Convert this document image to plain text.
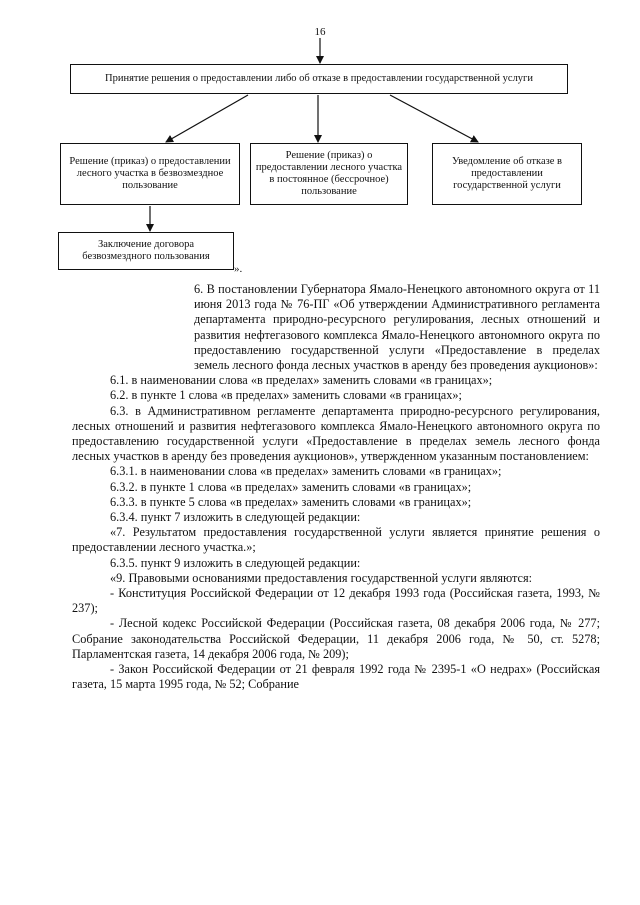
16
Принятие решения о предоставлении либо об отказе в предоставлении государственной услуги
Решение (приказ) о предоставлении лесного участка в безвозмездное пользование
Решение (приказ) о предоставлении лесного участка в постоянное (бессрочное) пользование
Уведомление об отказе в предоставлении государственной услуги
Заключение договора безвозмездного пользования
».

6. В постановлении Губернатора Ямало-Ненецкого автономного округа от 11 июня 2013 года № 76-ПГ «Об утверждении Административного регламента департамента природно-ресурсного регулирования, лесных отношений и развития нефтегазового комплекса Ямало-Ненецкого автономного округа по предоставлению государственной услуги «Предоставление в пределах земель лесного фонда лесных участков в аренду без проведения аукционов»:

6.1. в наименовании слова «в пределах» заменить словами «в границах»;

6.2. в пункте 1 слова «в пределах» заменить словами «в границах»;

6.3. в Административном регламенте департамента природно-ресурсного регулирования, лесных отношений и развития нефтегазового комплекса Ямало-Ненецкого автономного округа по предоставлению государственной услуги «Предоставление в пределах земель лесного фонда лесных участков в аренду без проведения аукционов», утвержденном указанным постановлением:

6.3.1. в наименовании слова «в пределах» заменить словами «в границах»;

6.3.2. в пункте 1 слова «в пределах» заменить словами «в границах»;

6.3.3. в пункте 5 слова «в пределах» заменить словами «в границах»;

6.3.4. пункт 7 изложить в следующей редакции:

«7. Результатом предоставления государственной услуги является принятие решения о предоставлении лесного участка.»;

6.3.5. пункт 9 изложить в следующей редакции:

«9. Правовыми основаниями предоставления государственной услуги являются:

- Конституция Российской Федерации от 12 декабря 1993 года (Российская газета, 1993, № 237);

- Лесной кодекс Российской Федерации (Российская газета, 08 декабря 2006 года, № 277; Собрание законодательства Российской Федерации, 11 декабря 2006 года, № 50, ст. 5278; Парламентская газета, 14 декабря 2006 года, № 209);

- Закон Российской Федерации от 21 февраля 1992 года № 2395-1 «О недрах» (Российская газета, 15 марта 1995 года, № 52; Собрание
